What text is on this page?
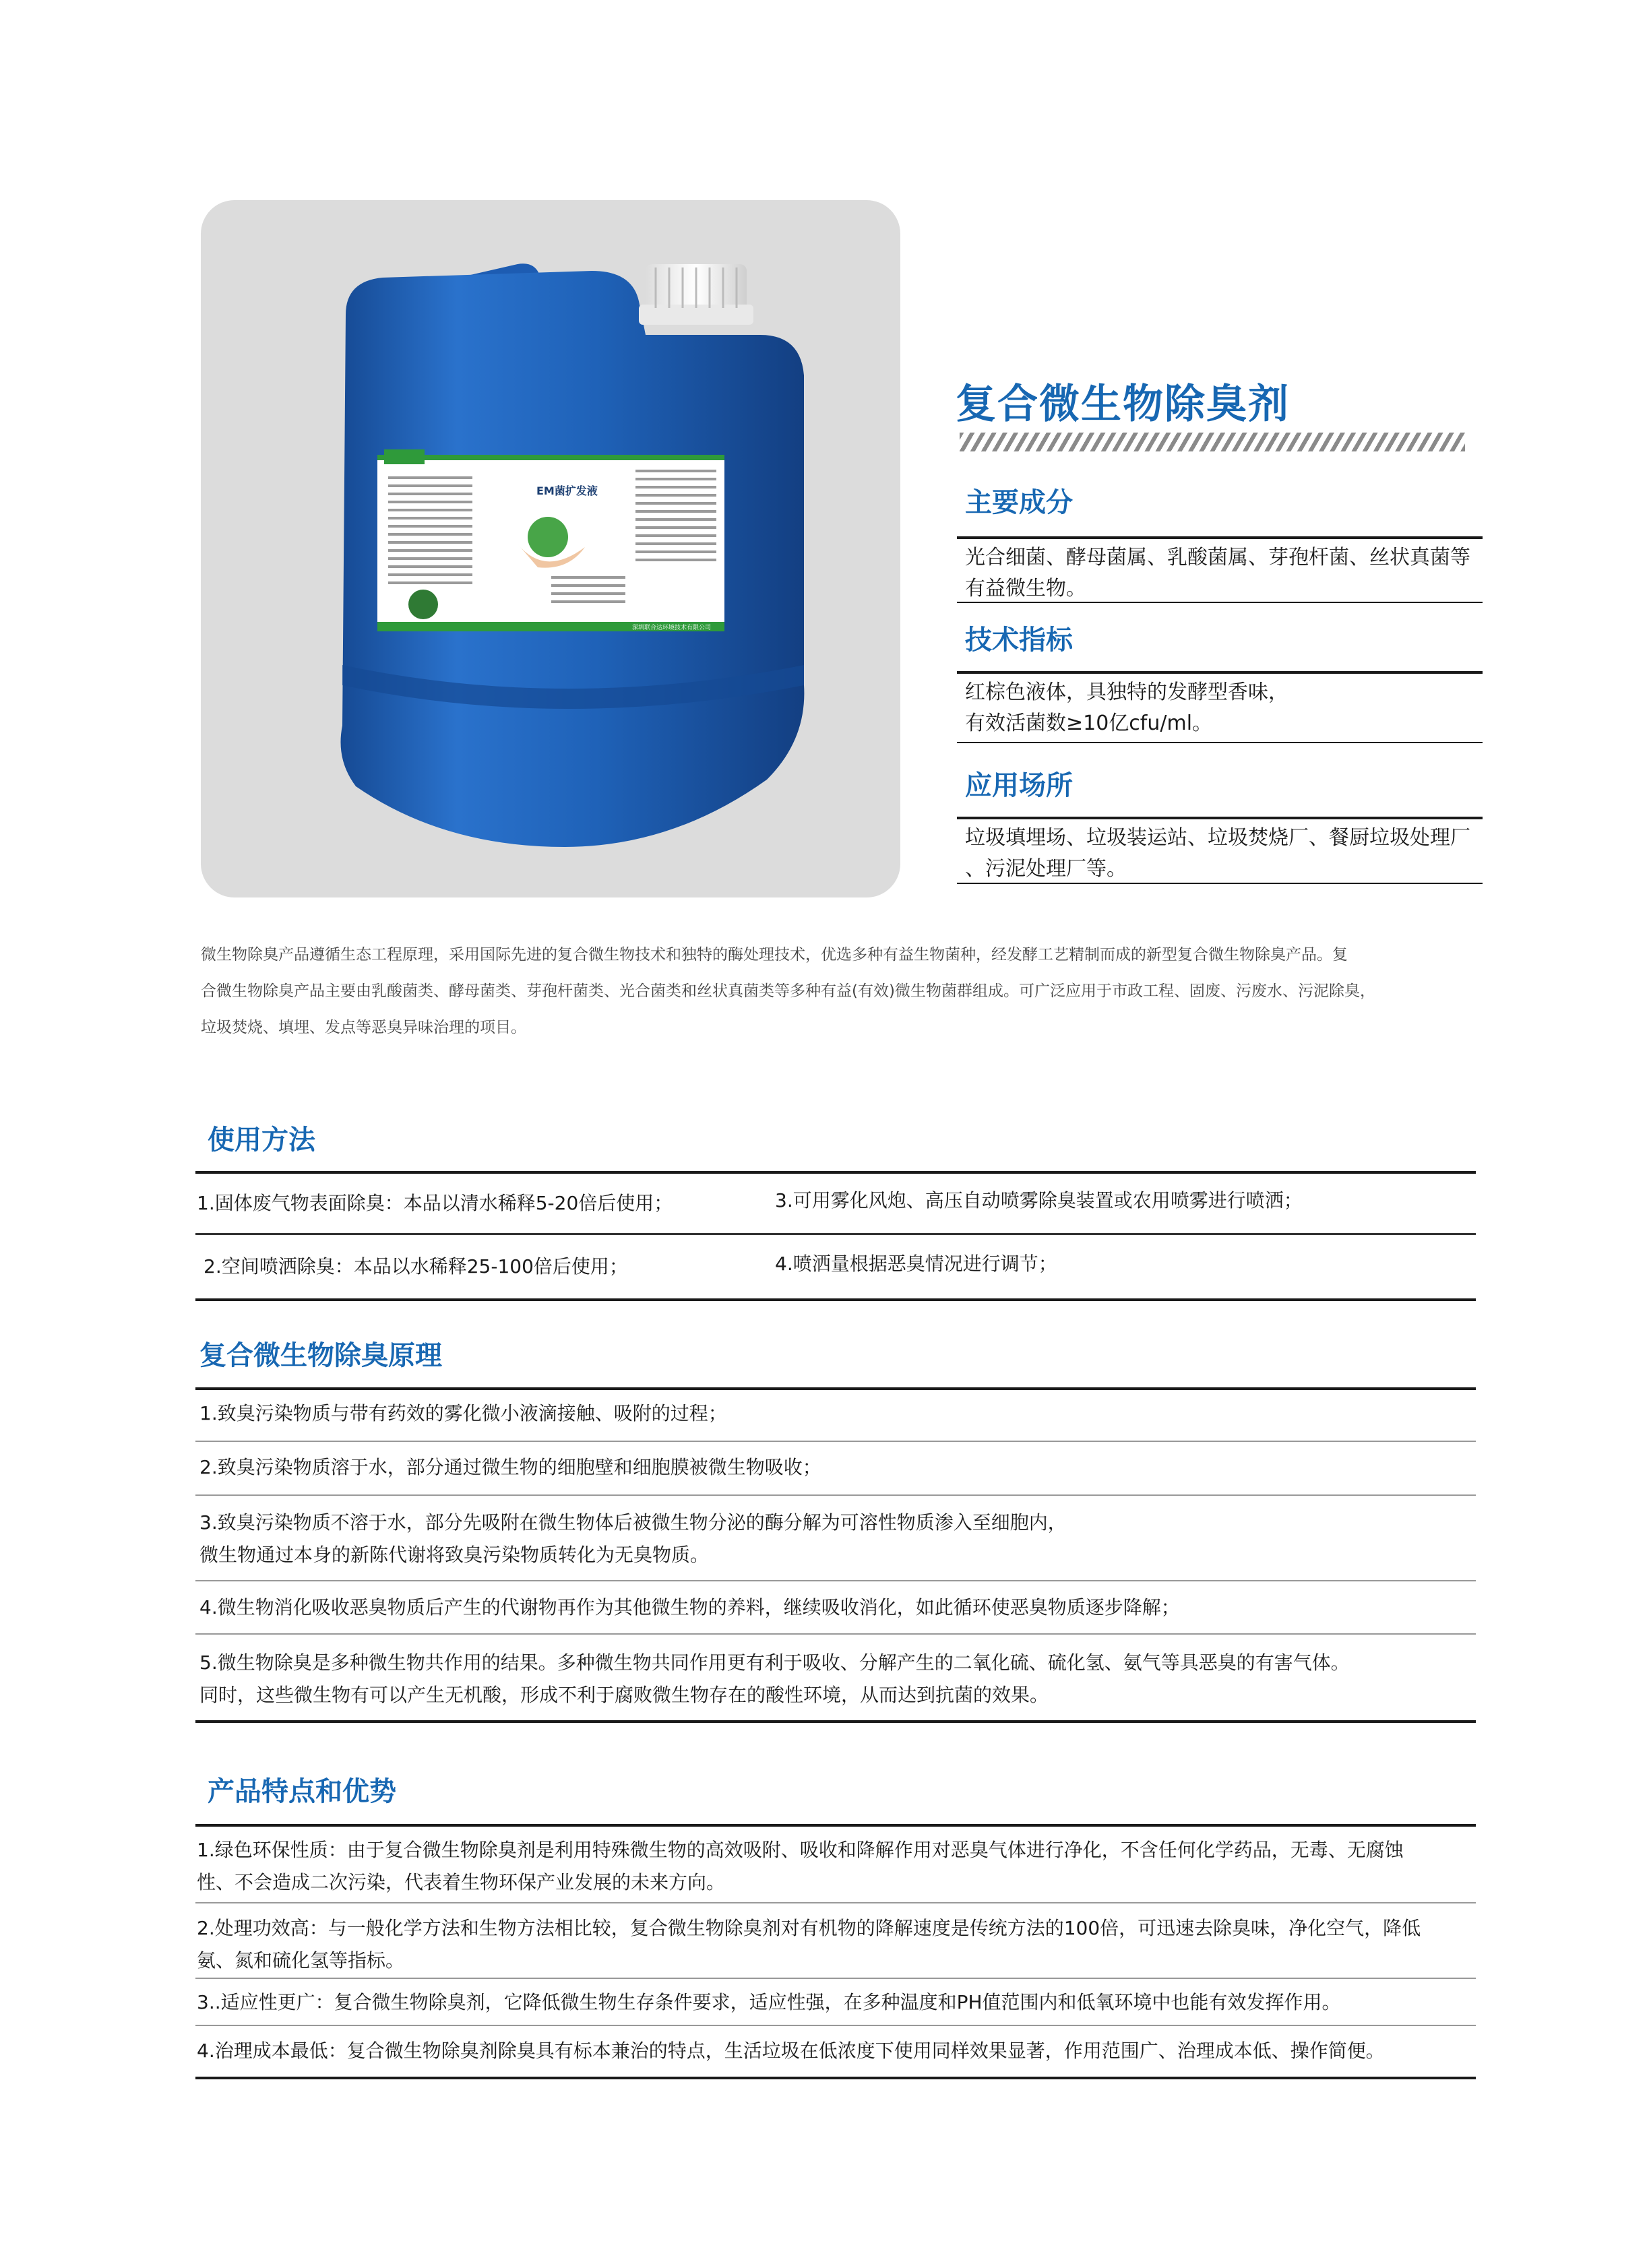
EM菌扩发液
深圳联合达环境技术有限公司
复合微生物除臭剂
主要成分
光合细菌、酵母菌属、乳酸菌属、芽孢杆菌、丝状真菌等
有益微生物。
技术指标
红棕色液体，具独特的发酵型香味，
有效活菌数≥10亿cfu/ml。
应用场所
垃圾填埋场、垃圾装运站、垃圾焚烧厂、餐厨垃圾处理厂
、污泥处理厂等。
微生物除臭产品遵循生态工程原理，采用国际先进的复合微生物技术和独特的酶处理技术，优选多种有益生物菌种，经发酵工艺精制而成的新型复合微生物除臭产品。复
合微生物除臭产品主要由乳酸菌类、酵母菌类、芽孢杆菌类、光合菌类和丝状真菌类等多种有益(有效)微生物菌群组成。可广泛应用于市政工程、固废、污废水、污泥除臭，
垃圾焚烧、填埋、发点等恶臭异味治理的项目。
使用方法
1.固体废气物表面除臭：本品以清水稀释5-20倍后使用；	3.可用雾化风炮、高压自动喷雾除臭装置或农用喷雾进行喷洒；
2.空间喷洒除臭：本品以水稀释25-100倍后使用；	4.喷洒量根据恶臭情况进行调节；
复合微生物除臭原理
1.致臭污染物质与带有药效的雾化微小液滴接触、吸附的过程；
2.致臭污染物质溶于水，部分通过微生物的细胞壁和细胞膜被微生物吸收；
3.致臭污染物质不溶于水，部分先吸附在微生物体后被微生物分泌的酶分解为可溶性物质渗入至细胞内，
微生物通过本身的新陈代谢将致臭污染物质转化为无臭物质。
4.微生物消化吸收恶臭物质后产生的代谢物再作为其他微生物的养料，继续吸收消化，如此循环使恶臭物质逐步降解；
5.微生物除臭是多种微生物共作用的结果。多种微生物共同作用更有利于吸收、分解产生的二氧化硫、硫化氢、氨气等具恶臭的有害气体。
同时，这些微生物有可以产生无机酸，形成不利于腐败微生物存在的酸性环境，从而达到抗菌的效果。
产品特点和优势
1.绿色环保性质：由于复合微生物除臭剂是利用特殊微生物的高效吸附、吸收和降解作用对恶臭气体进行净化，不含任何化学药品，无毒、无腐蚀
性、不会造成二次污染，代表着生物环保产业发展的未来方向。
2.处理功效高：与一般化学方法和生物方法相比较，复合微生物除臭剂对有机物的降解速度是传统方法的100倍，可迅速去除臭味，净化空气，降低
氨、氮和硫化氢等指标。
3..适应性更广：复合微生物除臭剂，它降低微生物生存条件要求，适应性强，在多种温度和PH值范围内和低氧环境中也能有效发挥作用。
4.治理成本最低：复合微生物除臭剂除臭具有标本兼治的特点，生活垃圾在低浓度下使用同样效果显著，作用范围广、治理成本低、操作简便。
